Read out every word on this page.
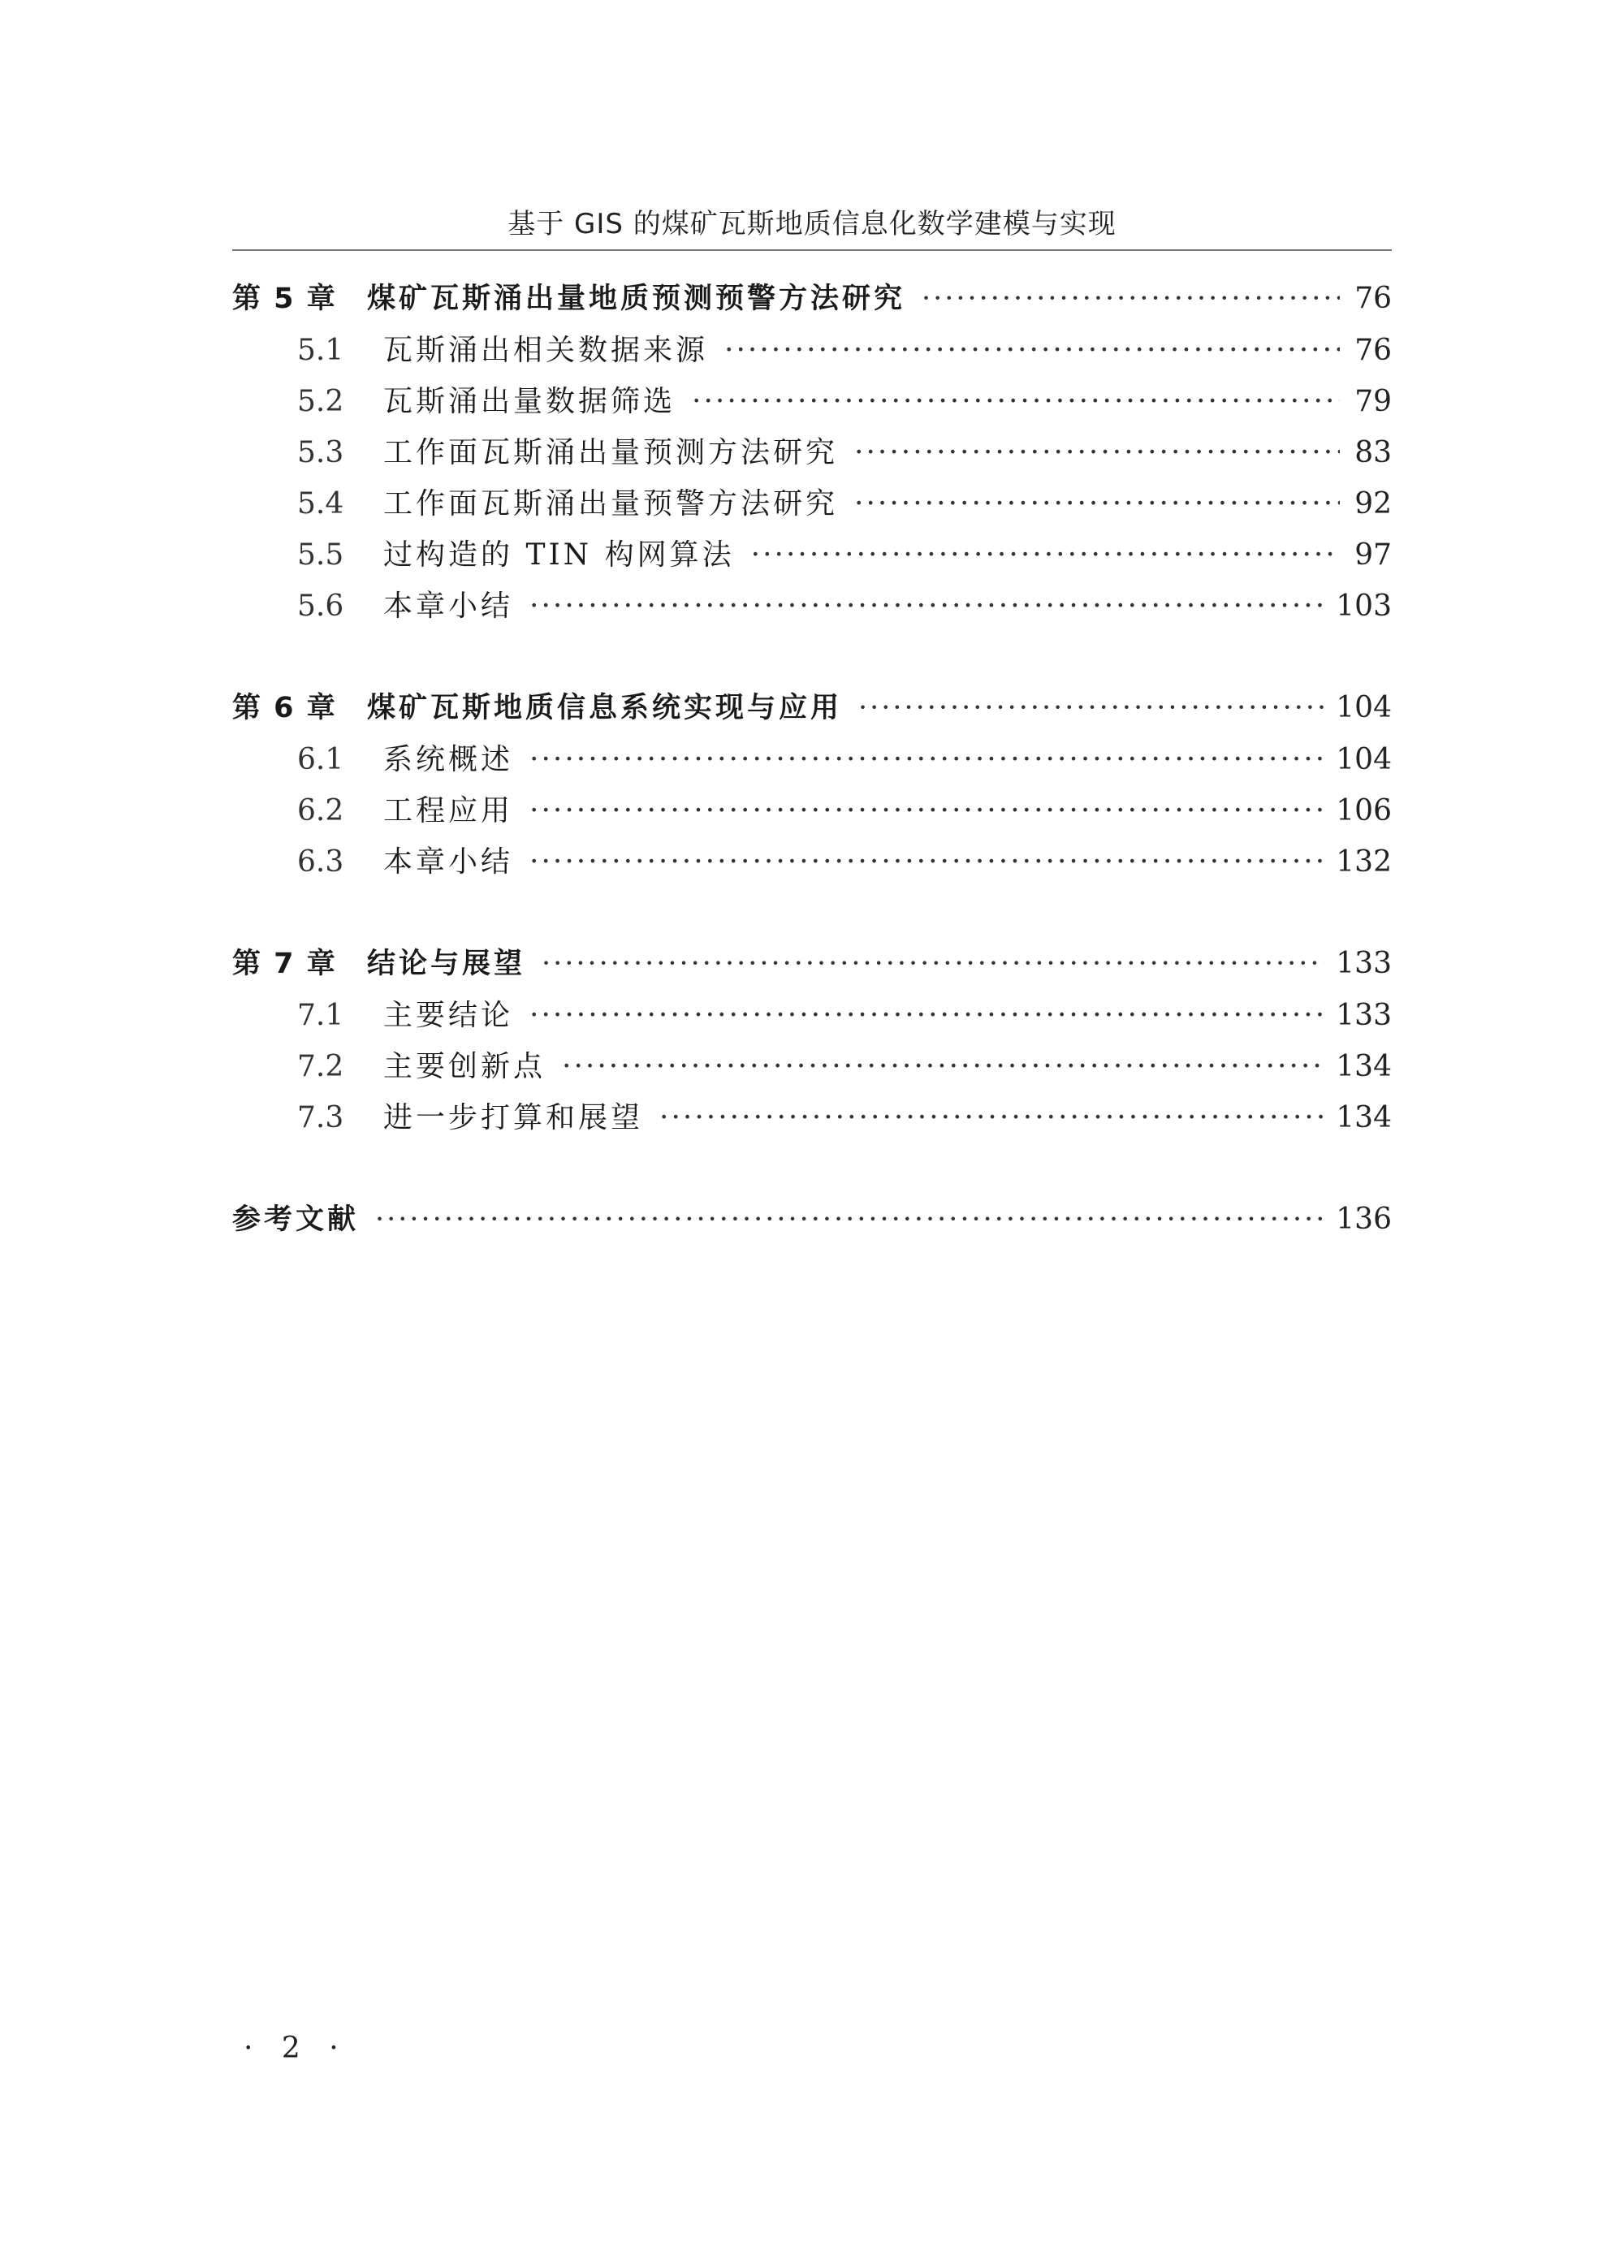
基于 GIS 的煤矿瓦斯地质信息化数学建模与实现
第 5 章	煤矿瓦斯涌出量地质预测预警方法研究 ·····	76
5.1	瓦斯涌出相关数据来源 ·····	76
5.2	瓦斯涌出量数据筛选 ·····	79
5.3	工作面瓦斯涌出量预测方法研究 ·····	83
5.4	工作面瓦斯涌出量预警方法研究 ·····	92
5.5	过构造的 TIN 构网算法 ·····	97
5.6	本章小结 ·····	103
第 6 章	煤矿瓦斯地质信息系统实现与应用 ·····	104
6.1	系统概述 ·····	104
6.2	工程应用 ·····	106
6.3	本章小结 ·····	132
第 7 章	结论与展望 ·····	133
7.1	主要结论 ·····	133
7.2	主要创新点 ·····	134
7.3	进一步打算和展望 ·····	134
参考文献 ·····	136
· 2 ·
